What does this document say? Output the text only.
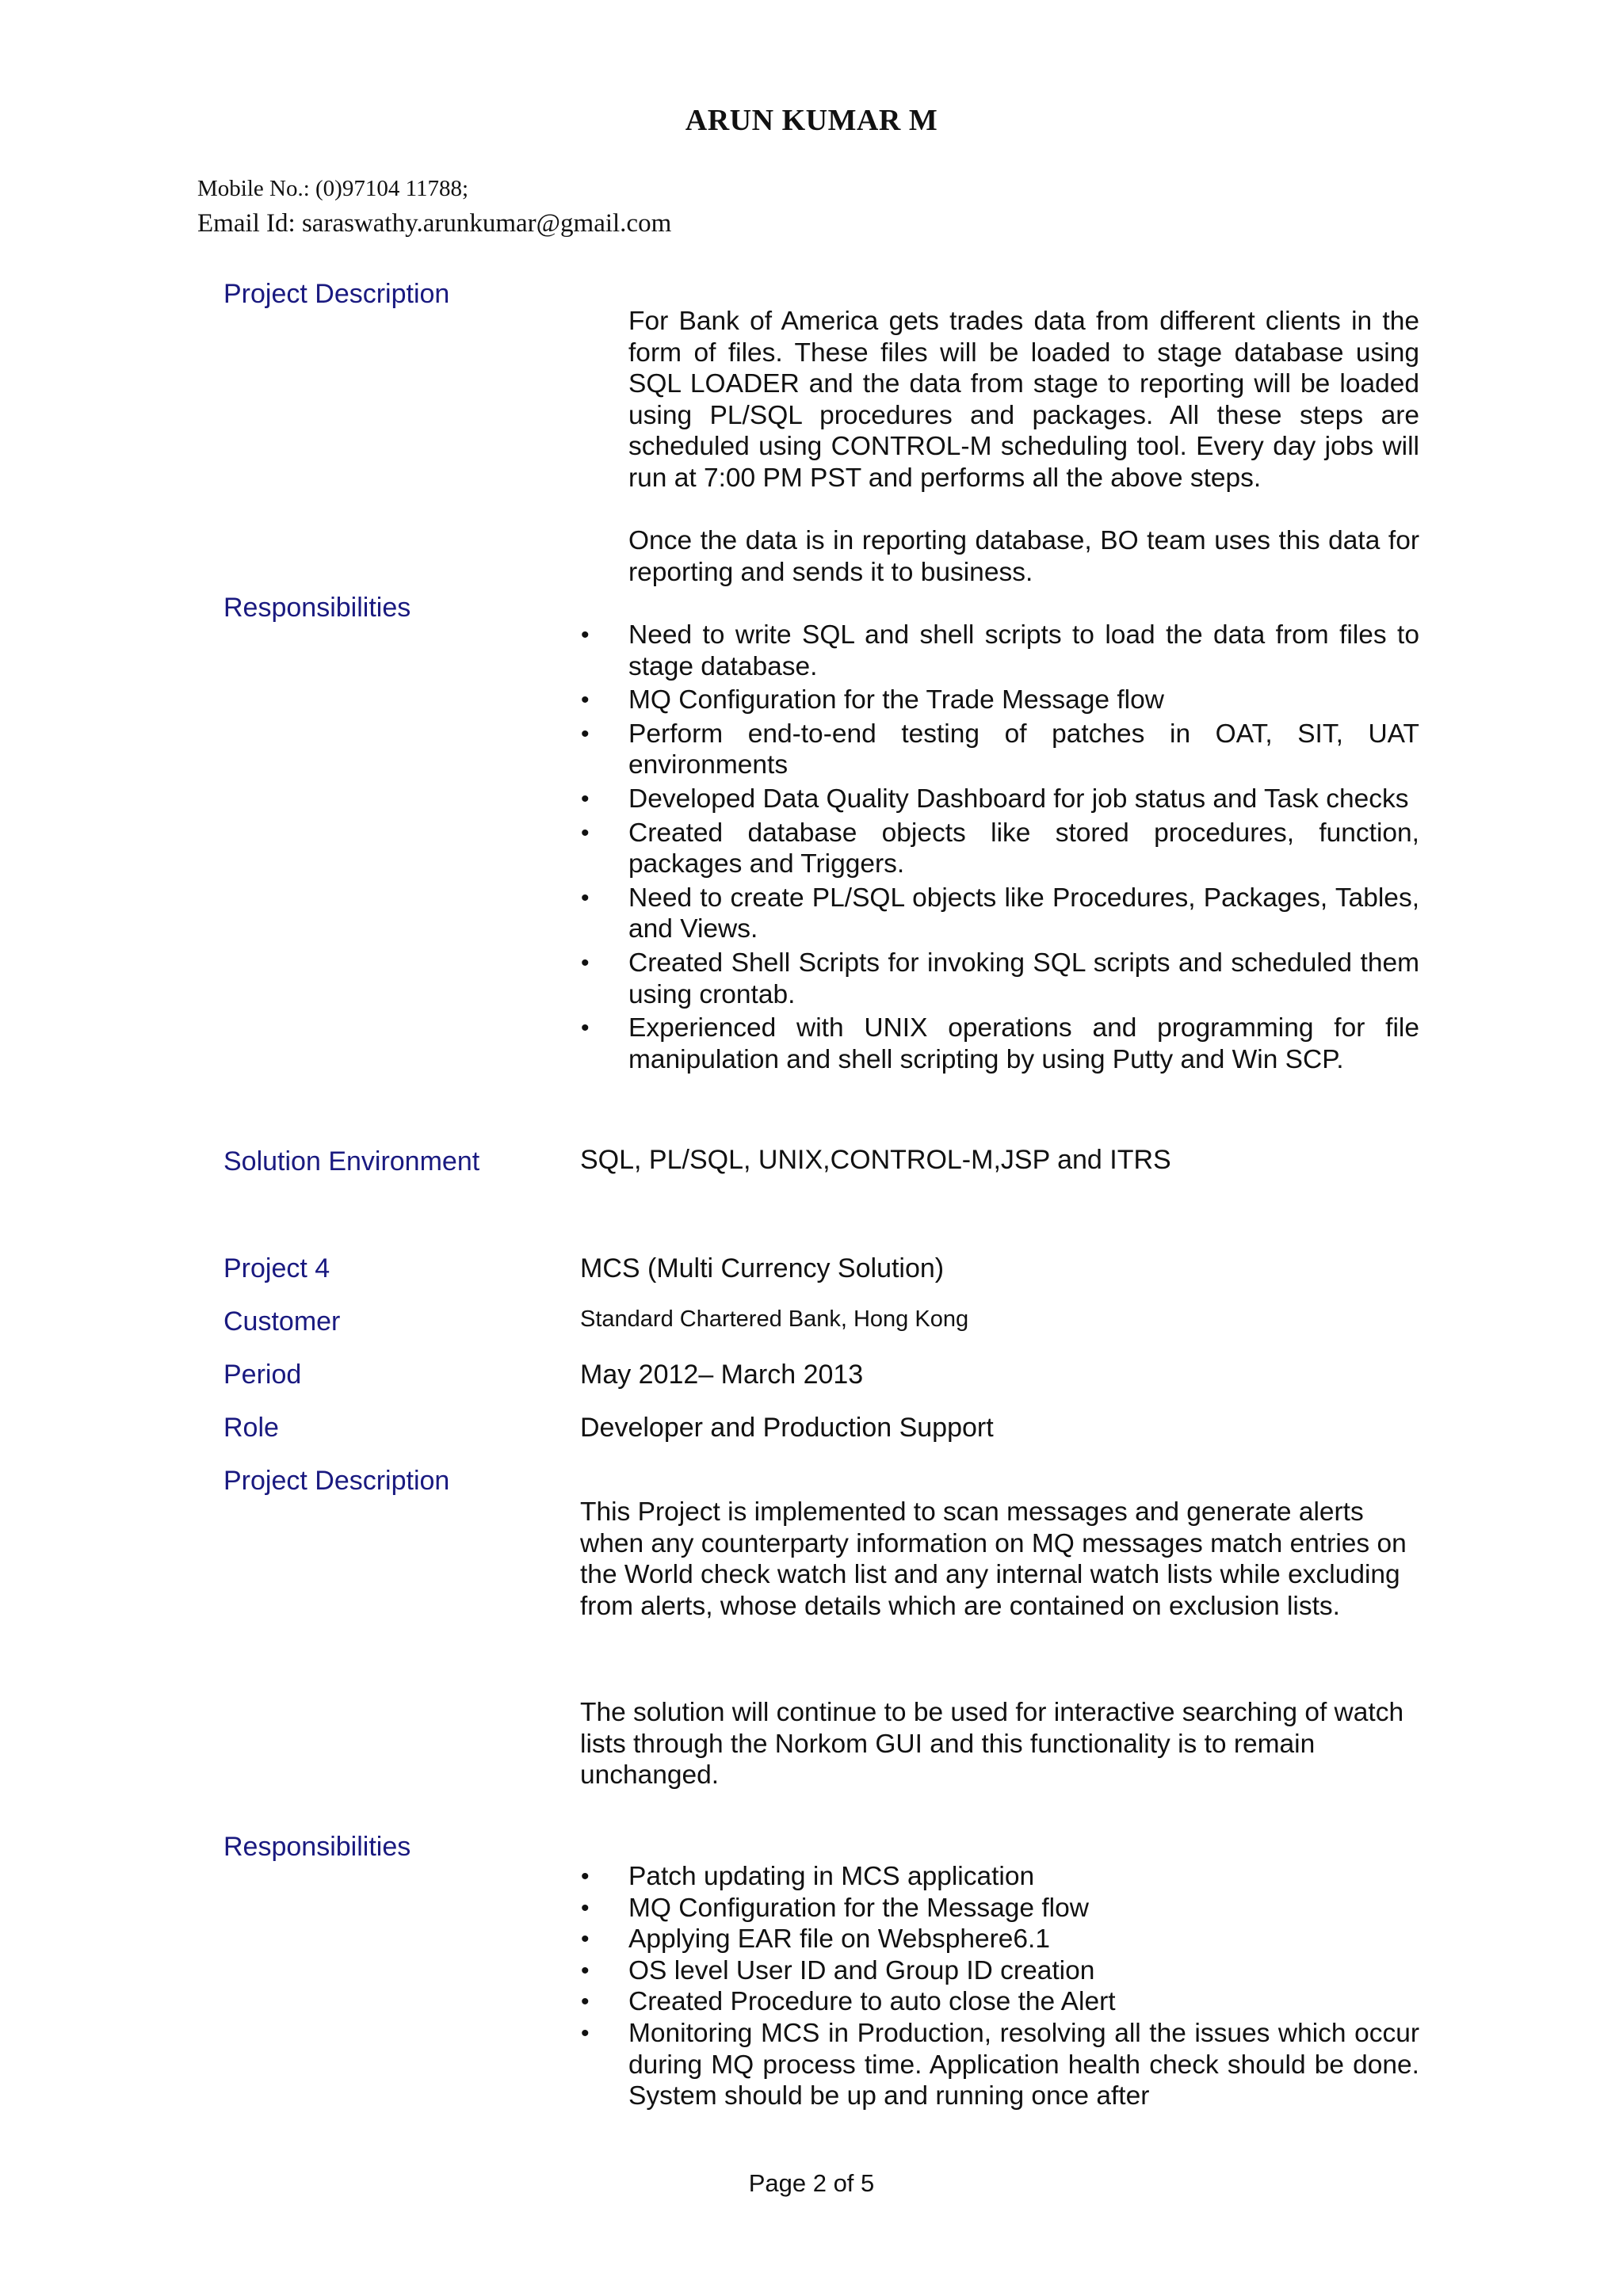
ARUN KUMAR M
Mobile No.: (0)97104 11788;
Email Id: saraswathy.arunkumar@gmail.com
Project Description
For Bank of America gets trades data from different clients in the form of files. These files will be loaded to stage database using SQL LOADER and the data from stage to reporting will be loaded using PL/SQL procedures and packages. All these steps are scheduled using CONTROL-M scheduling tool. Every day jobs will run at 7:00 PM PST and performs all the above steps.
Once the data is in reporting database, BO team uses this data for reporting and sends it to business.
Responsibilities
• Need to write SQL and shell scripts to load the data from files to stage database.
• MQ Configuration for the Trade Message flow
• Perform end-to-end testing of patches in OAT, SIT, UAT environments
• Developed Data Quality Dashboard for job status and Task checks
• Created database objects like stored procedures, function, packages and Triggers.
• Need to create PL/SQL objects like Procedures, Packages, Tables, and Views.
• Created Shell Scripts for invoking SQL scripts and scheduled them using crontab.
• Experienced with UNIX operations and programming for file manipulation and shell scripting by using Putty and Win SCP.
Solution Environment	SQL, PL/SQL, UNIX,CONTROL-M,JSP and ITRS
Project 4	MCS (Multi Currency Solution)
Customer	Standard Chartered Bank, Hong Kong
Period	May 2012– March 2013
Role	Developer and Production Support
Project Description
This Project is implemented to scan messages and generate alerts when any counterparty information on MQ messages match entries on the World check watch list and any internal watch lists while excluding from alerts, whose details which are contained on exclusion lists.
The solution will continue to be used for interactive searching of watch lists through the Norkom GUI and this functionality is to remain unchanged.
Responsibilities
• Patch updating in MCS application
• MQ Configuration for the Message flow
• Applying EAR file on Websphere6.1
• OS level User ID and Group ID creation
• Created Procedure to auto close the Alert
• Monitoring MCS in Production, resolving all the issues which occur during MQ process time. Application health check should be done. System should be up and running once after
Page 2 of 5
